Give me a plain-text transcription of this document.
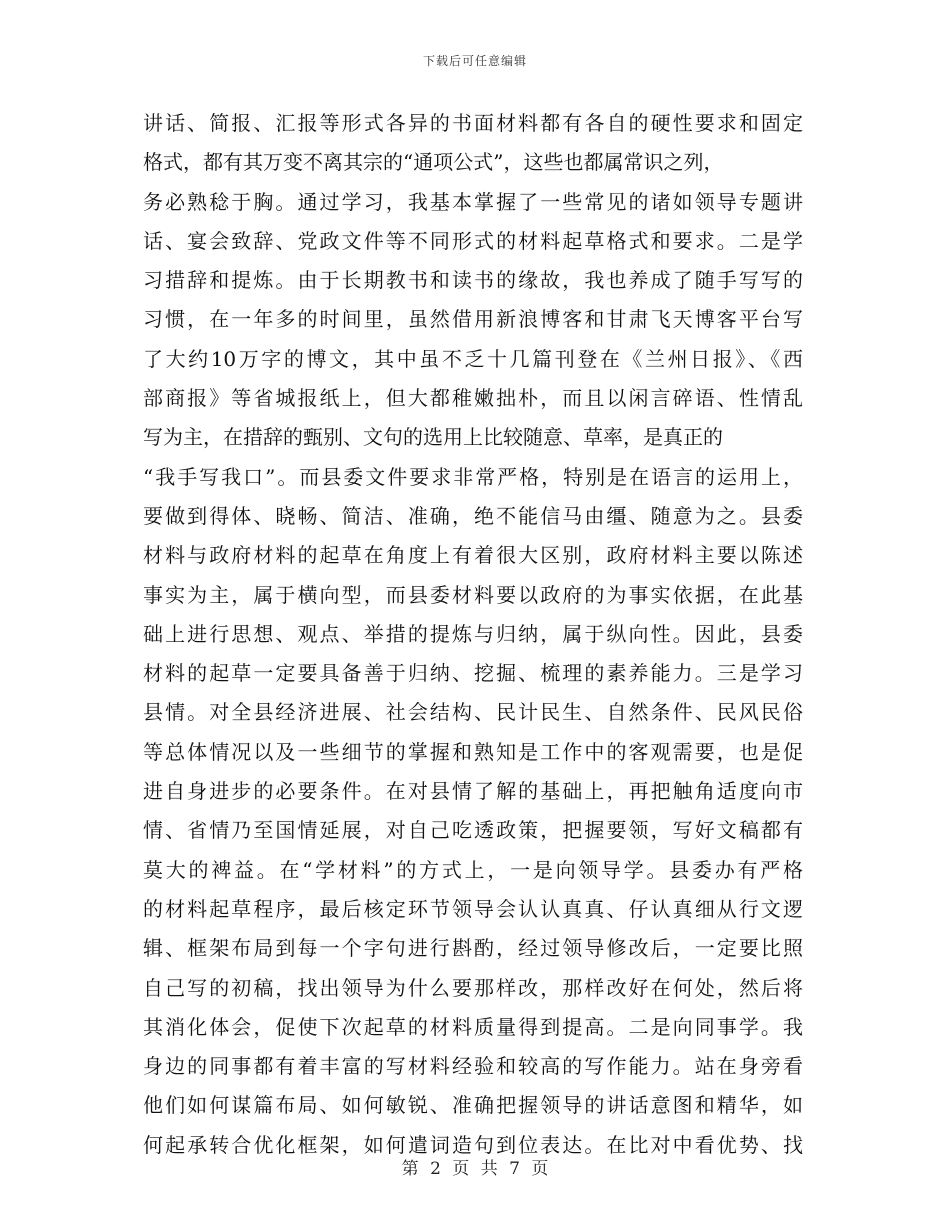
下载后可任意编辑
讲话、简报、汇报等形式各异的书面材料都有各自的硬性要求和固定
格式，都有其万变不离其宗的“通项公式”，这些也都属常识之列，
务必熟稔于胸。通过学习，我基本掌握了一些常见的诸如领导专题讲
话、宴会致辞、党政文件等不同形式的材料起草格式和要求。二是学
习措辞和提炼。由于长期教书和读书的缘故，我也养成了随手写写的
习惯，在一年多的时间里，虽然借用新浪博客和甘肃飞天博客平台写
了大约10万字的博文，其中虽不乏十几篇刊登在《兰州日报》、《西
部商报》等省城报纸上，但大都稚嫩拙朴，而且以闲言碎语、性情乱
写为主，在措辞的甄别、文句的选用上比较随意、草率，是真正的
“我手写我口”。而县委文件要求非常严格，特别是在语言的运用上，
要做到得体、晓畅、简洁、准确，绝不能信马由缰、随意为之。县委
材料与政府材料的起草在角度上有着很大区别，政府材料主要以陈述
事实为主，属于横向型，而县委材料要以政府的为事实依据，在此基
础上进行思想、观点、举措的提炼与归纳，属于纵向性。因此，县委
材料的起草一定要具备善于归纳、挖掘、梳理的素养能力。三是学习
县情。对全县经济进展、社会结构、民计民生、自然条件、民风民俗
等总体情况以及一些细节的掌握和熟知是工作中的客观需要，也是促
进自身进步的必要条件。在对县情了解的基础上，再把触角适度向市
情、省情乃至国情延展，对自己吃透政策，把握要领，写好文稿都有
莫大的裨益。在“学材料”的方式上，一是向领导学。县委办有严格
的材料起草程序，最后核定环节领导会认认真真、仔认真细从行文逻
辑、框架布局到每一个字句进行斟酌，经过领导修改后，一定要比照
自己写的初稿，找出领导为什么要那样改，那样改好在何处，然后将
其消化体会，促使下次起草的材料质量得到提高。二是向同事学。我
身边的同事都有着丰富的写材料经验和较高的写作能力。站在身旁看
他们如何谋篇布局、如何敏锐、准确把握领导的讲话意图和精华，如
何起承转合优化框架，如何遣词造句到位表达。在比对中看优势、找
第 2 页 共 7 页
